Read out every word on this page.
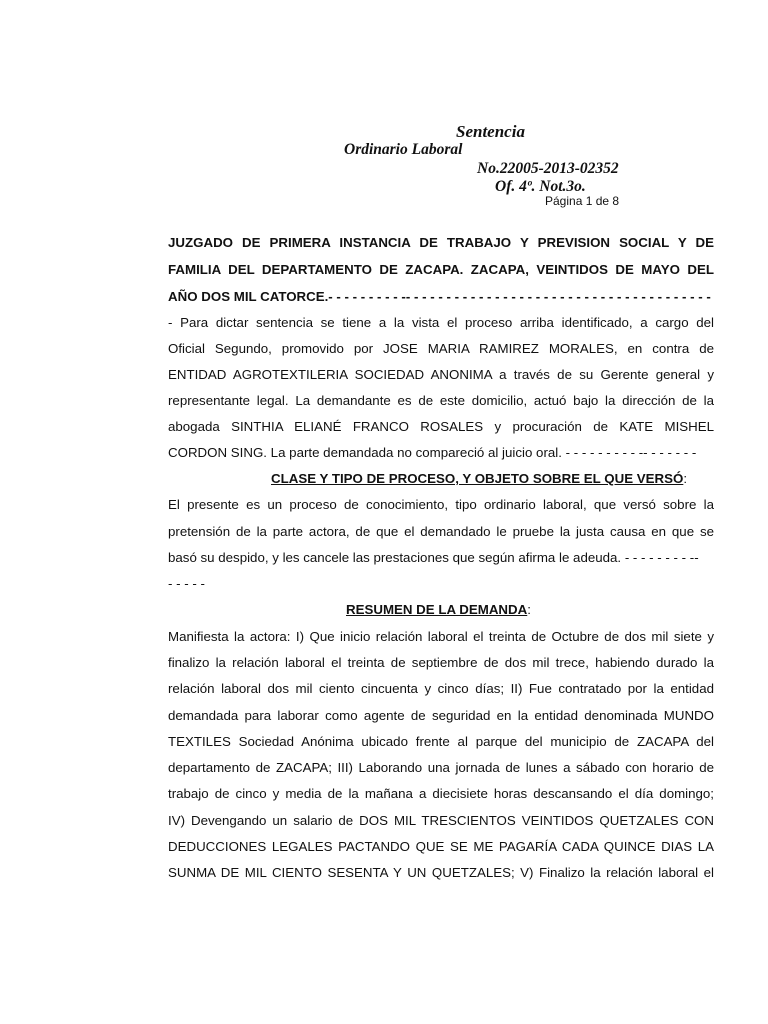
Sentencia
Ordinario Laboral
No.22005-2013-02352
Of. 4º. Not.3o.
Página 1 de 8
JUZGADO DE PRIMERA INSTANCIA DE TRABAJO Y PREVISION SOCIAL Y DE
FAMILIA DEL DEPARTAMENTO DE ZACAPA. ZACAPA, VEINTIDOS DE MAYO DEL
AÑO DOS MIL CATORCE.- - - - - - - - - -- - - - - - - - - - - - - - - - - - - - - - - - - - - - - - - - - - - - - -
- Para dictar sentencia se tiene a la vista el proceso arriba identificado, a cargo del
Oficial Segundo, promovido por JOSE MARIA RAMIREZ MORALES, en contra de
ENTIDAD AGROTEXTILERIA SOCIEDAD ANONIMA a través de su Gerente general y
representante legal. La demandante es de este domicilio, actuó bajo la dirección de la
abogada SINTHIA ELIANÉ FRANCO ROSALES y procuración de KATE MISHEL
CORDON SING. La parte demandada no compareció al juicio oral. - - - - - - - - - -- - - - - - -
CLASE Y TIPO DE PROCESO, Y OBJETO SOBRE EL QUE VERSÓ:
El presente es un proceso de conocimiento, tipo ordinario laboral, que versó sobre la
pretensión de la parte actora, de que el demandado le pruebe la justa causa en que se
basó su despido, y les cancele las prestaciones que según afirma le adeuda. - - - - - - - - --
- - - - -
RESUMEN DE LA DEMANDA:
Manifiesta la actora: I) Que inicio relación laboral el treinta de Octubre de dos mil siete y
finalizo la relación laboral el treinta de septiembre de dos mil trece, habiendo durado la
relación laboral dos mil ciento cincuenta y cinco días; II) Fue contratado por la entidad
demandada para laborar como agente de seguridad en la entidad denominada MUNDO
TEXTILES Sociedad Anónima ubicado frente al parque del municipio de ZACAPA del
departamento de ZACAPA; III) Laborando una jornada de lunes a sábado con horario de
trabajo de cinco y media de la mañana a diecisiete horas descansando el día domingo;
IV) Devengando un salario de DOS MIL TRESCIENTOS VEINTIDOS QUETZALES CON
DEDUCCIONES LEGALES PACTANDO QUE SE ME PAGARÍA CADA QUINCE DIAS LA
SUNMA DE MIL CIENTO SESENTA Y UN QUETZALES; V) Finalizo la relación laboral el
